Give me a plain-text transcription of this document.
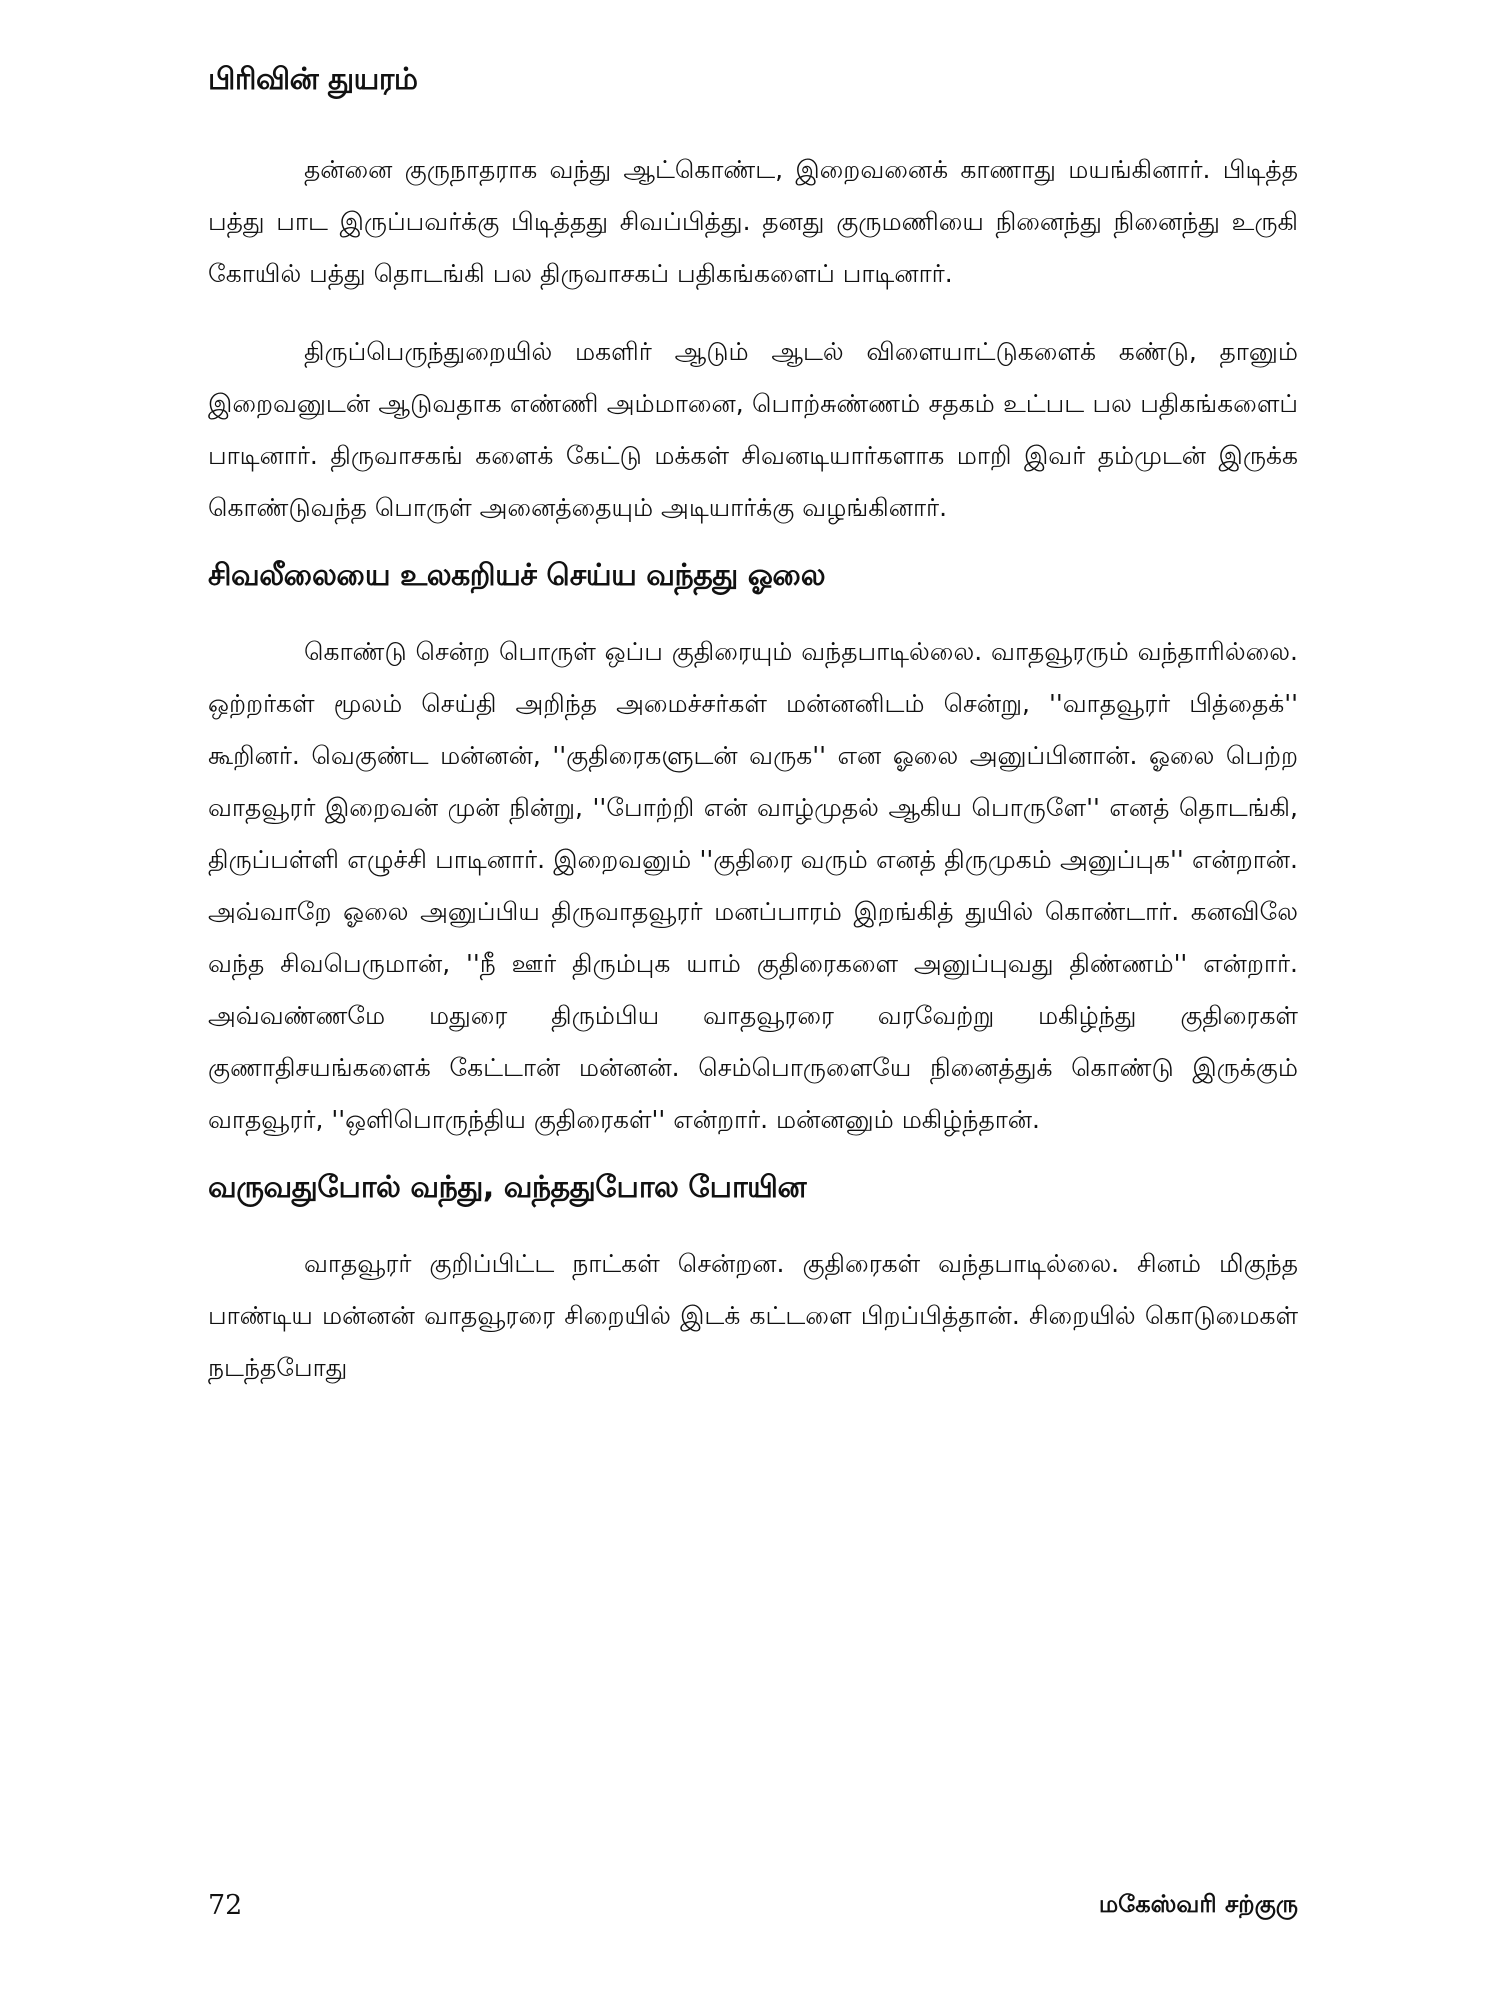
பிரிவின் துயரம்

தன்னை குருநாதராக வந்து ஆட்கொண்ட, இறைவனைக் காணாது மயங்கினார். பிடித்த பத்து பாட இருப்பவர்க்கு பிடித்தது சிவப்பித்து. தனது குருமணியை நினைந்து நினைந்து உருகி கோயில் பத்து தொடங்கி பல திருவாசகப் பதிகங்களைப் பாடினார்.

திருப்பெருந்துறையில் மகளிர் ஆடும் ஆடல் விளையாட்டுகளைக் கண்டு, தானும் இறைவனுடன் ஆடுவதாக எண்ணி அம்மானை, பொற்சுண்ணம் சதகம் உட்பட பல பதிகங்களைப் பாடினார். திருவாசகங் களைக் கேட்டு மக்கள் சிவனடியார்களாக மாறி இவர் தம்முடன் இருக்க கொண்டுவந்த பொருள் அனைத்தையும் அடியார்க்கு வழங்கினார்.

சிவலீலையை உலகறியச் செய்ய வந்தது ஓலை

கொண்டு சென்ற பொருள் ஒப்ப குதிரையும் வந்தபாடில்லை. வாதவூரரும் வந்தாரில்லை. ஒற்றர்கள் மூலம் செய்தி அறிந்த அமைச்சர்கள் மன்னனிடம் சென்று, ''வாதவூரர் பித்தைக்'' கூறினர். வெகுண்ட மன்னன், ''குதிரைகளுடன் வருக'' என ஓலை அனுப்பினான். ஓலை பெற்ற வாதவூரர் இறைவன் முன் நின்று, ''போற்றி என் வாழ்முதல் ஆகிய பொருளே'' எனத் தொடங்கி, திருப்பள்ளி எழுச்சி பாடினார். இறைவனும் ''குதிரை வரும் எனத் திருமுகம் அனுப்புக'' என்றான். அவ்வாறே ஓலை அனுப்பிய திருவாதவூரர் மனப்பாரம் இறங்கித் துயில் கொண்டார். கனவிலே வந்த சிவபெருமான், ''நீ ஊர் திரும்புக யாம் குதிரைகளை அனுப்புவது திண்ணம்'' என்றார். அவ்வண்ணமே மதுரை திரும்பிய வாதவூரரை வரவேற்று மகிழ்ந்து குதிரைகள் குணாதிசயங்களைக் கேட்டான் மன்னன். செம்பொருளையே நினைத்துக் கொண்டு இருக்கும் வாதவூரர், ''ஒளிபொருந்திய குதிரைகள்'' என்றார். மன்னனும் மகிழ்ந்தான்.

வருவதுபோல் வந்து, வந்ததுபோல போயின

வாதவூரர் குறிப்பிட்ட நாட்கள் சென்றன. குதிரைகள் வந்தபாடில்லை. சினம் மிகுந்த பாண்டிய மன்னன் வாதவூரரை சிறையில் இடக் கட்டளை பிறப்பித்தான். சிறையில் கொடுமைகள் நடந்தபோது

72	மகேஸ்வரி சற்குரு
